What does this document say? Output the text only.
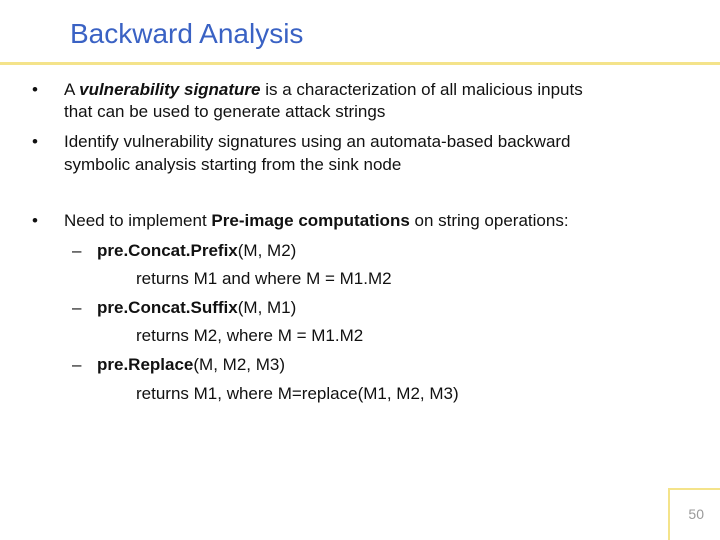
Backward Analysis
• A vulnerability signature is a characterization of all malicious inputs
that can be used to generate attack strings
• Identify vulnerability signatures using an automata-based backward
symbolic analysis starting from the sink node
• Need to implement Pre-image computations on string operations:
– pre.Concat.Prefix(M, M2)
returns M1 and where M = M1.M2
– pre.Concat.Suffix(M, M1)
returns M2, where M = M1.M2
– pre.Replace(M, M2, M3)
returns M1, where M=replace(M1, M2, M3)
50
